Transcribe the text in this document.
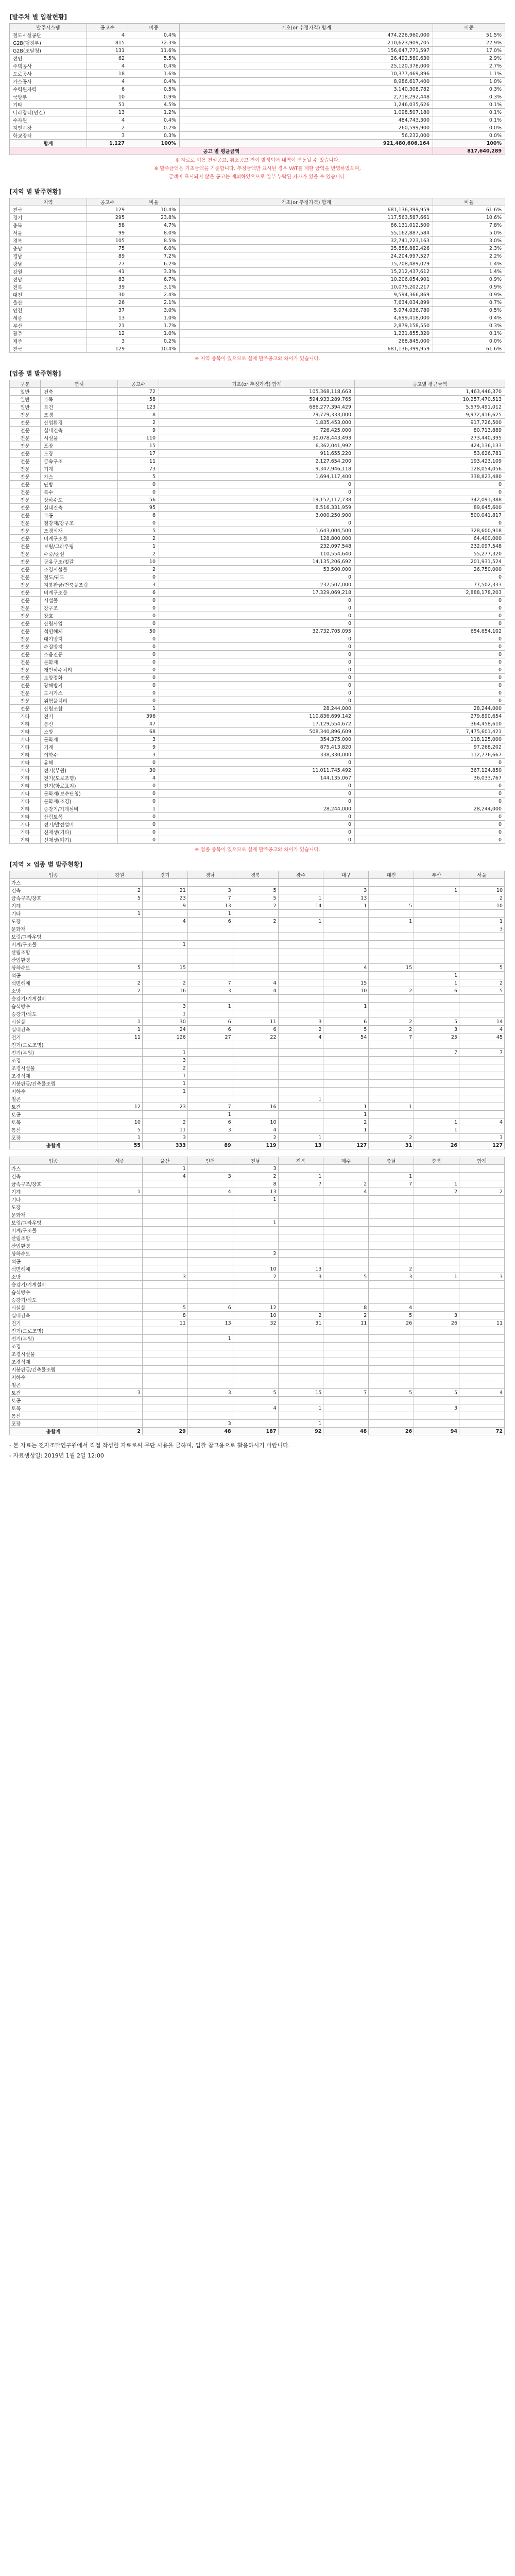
[발주처 별 입찰현황]
발주시스템	공고수	비중	기초(or 추정가격) 합계	비중
철도시설공단	4	0.4%	474,226,960,000	51.5%
G2B(행정부)	815	72.3%	210,623,909,705	22.9%
G2B(조달청)	131	11.6%	156,647,771,597	17.0%
전인	62	5.5%	26,492,580,630	2.9%
주택공사	4	0.4%	25,120,378,000	2.7%
도로공사	18	1.6%	10,377,469,896	1.1%
가스공사	4	0.4%	8,986,617,400	1.0%
수력원자력	6	0.5%	3,140,308,782	0.3%
국방부	10	0.9%	2,718,292,448	0.3%
기타	51	4.5%	1,246,035,626	0.1%
나라장터(민간)	13	1.2%	1,098,507,180	0.1%
수자원	4	0.4%	484,743,300	0.1%
지엔시장	2	0.2%	260,599,900	0.0%
학교장터	3	0.3%	56,232,000	0.0%
합계	1,127	100%	921,480,606,164	100%
공고 별 평균금액				817,640,289
※ 자료로 이용 건설공고, 취소공고 건이 발생되어 내역이 변동될 수 있습니다.
※ 발주금액은 기초금액을 기준합니다. 추정금액만 표시된 경우 VAT를 제한 금액을 반영하였으며,
금액이 표시되지 않은 공고는 제외하였으므로 일부 누락된 자가가 있을 수 있습니다.
[지역 별 발주현황]
지역	공고수	비율	기초(or 추정가격) 합계	비율
전국	129	10.4%	681,136,399,959	61.6%
경기	295	23.8%	117,563,587,661	10.6%
충북	58	4.7%	86,131,012,500	7.8%
서울	99	8.0%	55,162,887,584	5.0%
경북	105	8.5%	32,741,223,163	3.0%
충남	75	6.0%	25,856,882,426	2.3%
경남	89	7.2%	24,204,997,527	2.2%
광남	77	6.2%	15,708,489,029	1.4%
강원	41	3.3%	15,212,437,612	1.4%
전남	83	6.7%	10,206,054,901	0.9%
전북	39	3.1%	10,075,202,217	0.9%
대전	30	2.4%	9,594,366,869	0.9%
울산	26	2.1%	7,634,034,899	0.7%
인천	37	3.0%	5,974,036,780	0.5%
세종	13	1.0%	4,699,418,000	0.4%
부산	21	1.7%	2,879,158,550	0.3%
광주	12	1.0%	1,231,855,320	0.1%
제주	3	0.2%	268,845,000	0.0%
전국	129	10.4%	681,136,399,959	61.6%
※ 지역 중복이 있으므로 실제 발주공고와 차이가 있습니다.
[업종 별 발주현황]
구분	면허	공고수	기초(or 추정가격) 합계	공고별 평균금액
일반	건축	72	105,368,118,663	1,463,446,370
일반	토목	58	594,933,289,765	10,257,470,513
일반	토건	123	686,277,394,429	5,579,491,012
전문	조경	8	79,779,333,000	9,972,416,625
전문	산업환경	2	1,835,453,000	917,726,500
전문	실내건축	9	726,425,000	80,713,889
전문	시설물	110	30,078,443,493	273,440,395
전문	포장	15	6,362,041,992	424,136,133
전문	도장	17	911,655,220	53,626,781
전문	금속구조	11	2,127,654,200	193,423,109
전문	기계	73	9,347,946,118	128,054,056
전문	가스	5	1,694,117,400	338,823,480
전문	난방	0	0	0
전문	특수	0	0	0
전문	상하수도	56	19,157,117,738	342,091,388
전문	실내건축	95	8,516,331,959	89,645,600
전문	토공	6	3,000,250,900	500,041,817
전문	철강재/강구조	0	0	0
전문	조경식재	5	1,643,004,500	328,600,918
전문	비계구조물	2	128,800,000	64,400,000
전문	보링/그라우팅	1	232,097,548	232,097,548
전문	수중/준설	2	110,554,640	55,277,320
전문	공유구조/철갈	10	14,135,206,692	201,931,524
전문	조경시설물	2	53,500,000	26,750,000
전문	철도/궤도	0	0	0
전문	지붕판금/건축물조립	3	232,507,000	77,502,333
전문	비계구조물	6	17,329,069,218	2,888,178,203
전문	시설물	0	0	0
전문	강구조	0	0	0
전문	창호	0	0	0
전문	산림사업	0	0	0
전문	석면해체	50	32,732,705,095	654,654,102
전문	대기방지	0	0	0
전문	수질방지	0	0	0
전문	소음진동	0	0	0
전문	문화재	0	0	0
전문	개인하수처리	0	0	0
전문	토양정화	0	0	0
전문	광해방지	0	0	0
전문	도시가스	0	0	0
전문	위험물처리	0	0	0
전문	산림조합	1	28,244,000	28,244,000
기타	전기	396	110,836,699,142	279,890,654
기타	통신	47	17,129,554,672	364,458,610
기타	소방	68	508,340,896,609	7,475,601,421
기타	문화재	3	354,375,000	118,125,000
기타	기계	9	875,413,820	97,268,202
기타	의학수	3	338,330,000	112,776,667
기타	유해	0	0	0
기타	전기(부원)	30	11,011,745,492	367,124,850
기타	전기(도로조명)	4	144,135,067	36,033,767
기타	전기(항로표지)	0	0	0
기타	문화재(보수단청)	0	0	0
기타	문화재(조경)	0	0	0
기타	승강기/기계설비	1	28,244,000	28,244,000
기타	산림토목	0	0	0
기타	전기/발전설비	0	0	0
기타	신재생(기타)	0	0	0
기타	신재생(폐기)	0	0	0
※ 업종 중복이 있으므로 실제 발주공고와 차이가 있습니다.
[지역 × 업종 별 발주현황]
업종	강원	경기	경남	경북	광주	대구	대전	부산	서울
가스									
건축	2	21	3	5		3		1	10
금속구조/창호	5	23	7	5	1	13			2
기계		9	13	2	14	1	5		10
기타	1		1						
도장		4	6	2	1		1		1
문화재									3
보링/그라우팅									
비계/구조물		1							
산림조합									
산업환경									
상하수도	5	15				4	15		5
석공								1	
석면해체	2	2	7	4		15		1	2
소방	2	16	3	4		10	2	6	5
승강기/기계설비									
습식방수		3	1			1			
승강기/석도		1							
시설물	1	30	6	11	3	6	2	5	14
실내건축	1	24	6	6	2	5	2	3	4
전기	11	126	27	22	4	54	7	25	45
전기(도로조명)									
전기(부원)		1						7	7
조경		3							
조경시설물		2							
조경식재		1							
지붕판금/건축물조립		1							
지하수		1							
철콘					1				
토건	12	23	7	16		1	1		
토공			1			1			
토목	10	2	6	10		2		1	4
통신	5	11	3	4		1		1	
포장	1	3		2	1		2		3
총합계	55	333	89	119	13	127	31	26	127
업종	세종	울산	인천	전남	전북	제주	충남	충북	합계
가스		1		3					
건축		4	3	2	1		1		
금속구조/창호				8	7	2	7	1	
기계	1		4	13		4		2	2
기타				1					
도장									
문화재									
보링/그라우팅				1					
비계/구조물									
산림조합									
산업환경									
상하수도				2					
석공									
석면해체				10	13		2		
소방		3		2	3	5	3	1	3
승강기/기계설비									
습식방수									
승강기/석도									
시설물		5	6	12		8	4		
실내건축		8		10	2	2	5	3	
전기		11	13	32	31	11	26	26	11
전기(도로조명)									
전기(부원)			1						
조경									
조경시설물									
조경식재									
지붕판금/건축물조립									
지하수									
철콘									
토건	3		3	5	15	7	5	5	4
토공									
토목				4	1			3	
통신									
포장			3		1				
총합계	2	29	48	187	92	48	26	94	72
- 본 자료는 전자조달연구원에서 직접 작성한 자료로써 무단 사용을 금하며, 입찰 참고용으로 활용하시기 바랍니다.
- 자료생성일: 2019년 1월 2일 12:00
